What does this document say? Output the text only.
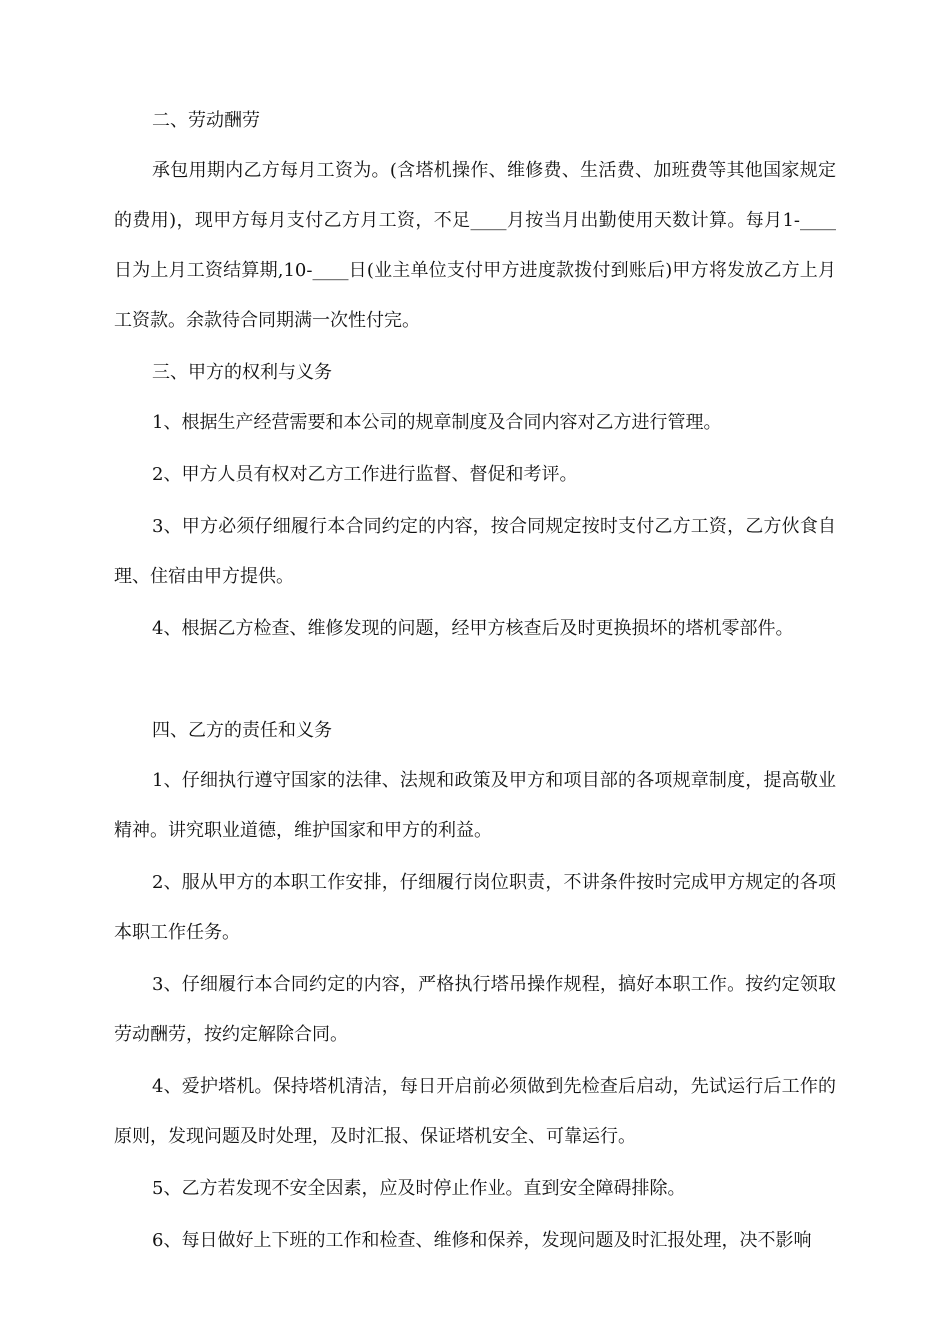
二、劳动酬劳

承包用期内乙方每月工资为。(含塔机操作、维修费、生活费、加班费等其他国家规定的费用)，现甲方每月支付乙方月工资，不足____月按当月出勤使用天数计算。每月1-____日为上月工资结算期,10-____日(业主单位支付甲方进度款拨付到账后)甲方将发放乙方上月工资款。余款待合同期满一次性付完。

三、甲方的权利与义务

1、根据生产经营需要和本公司的规章制度及合同内容对乙方进行管理。

2、甲方人员有权对乙方工作进行监督、督促和考评。

3、甲方必须仔细履行本合同约定的内容，按合同规定按时支付乙方工资，乙方伙食自理、住宿由甲方提供。

4、根据乙方检查、维修发现的问题，经甲方核查后及时更换损坏的塔机零部件。

四、乙方的责任和义务

1、仔细执行遵守国家的法律、法规和政策及甲方和项目部的各项规章制度，提高敬业精神。讲究职业道德，维护国家和甲方的利益。

2、服从甲方的本职工作安排，仔细履行岗位职责，不讲条件按时完成甲方规定的各项本职工作任务。

3、仔细履行本合同约定的内容，严格执行塔吊操作规程，搞好本职工作。按约定领取劳动酬劳，按约定解除合同。

4、爱护塔机。保持塔机清洁，每日开启前必须做到先检查后启动，先试运行后工作的原则，发现问题及时处理，及时汇报、保证塔机安全、可靠运行。

5、乙方若发现不安全因素，应及时停止作业。直到安全障碍排除。

6、每日做好上下班的工作和检查、维修和保养，发现问题及时汇报处理，决不影响
